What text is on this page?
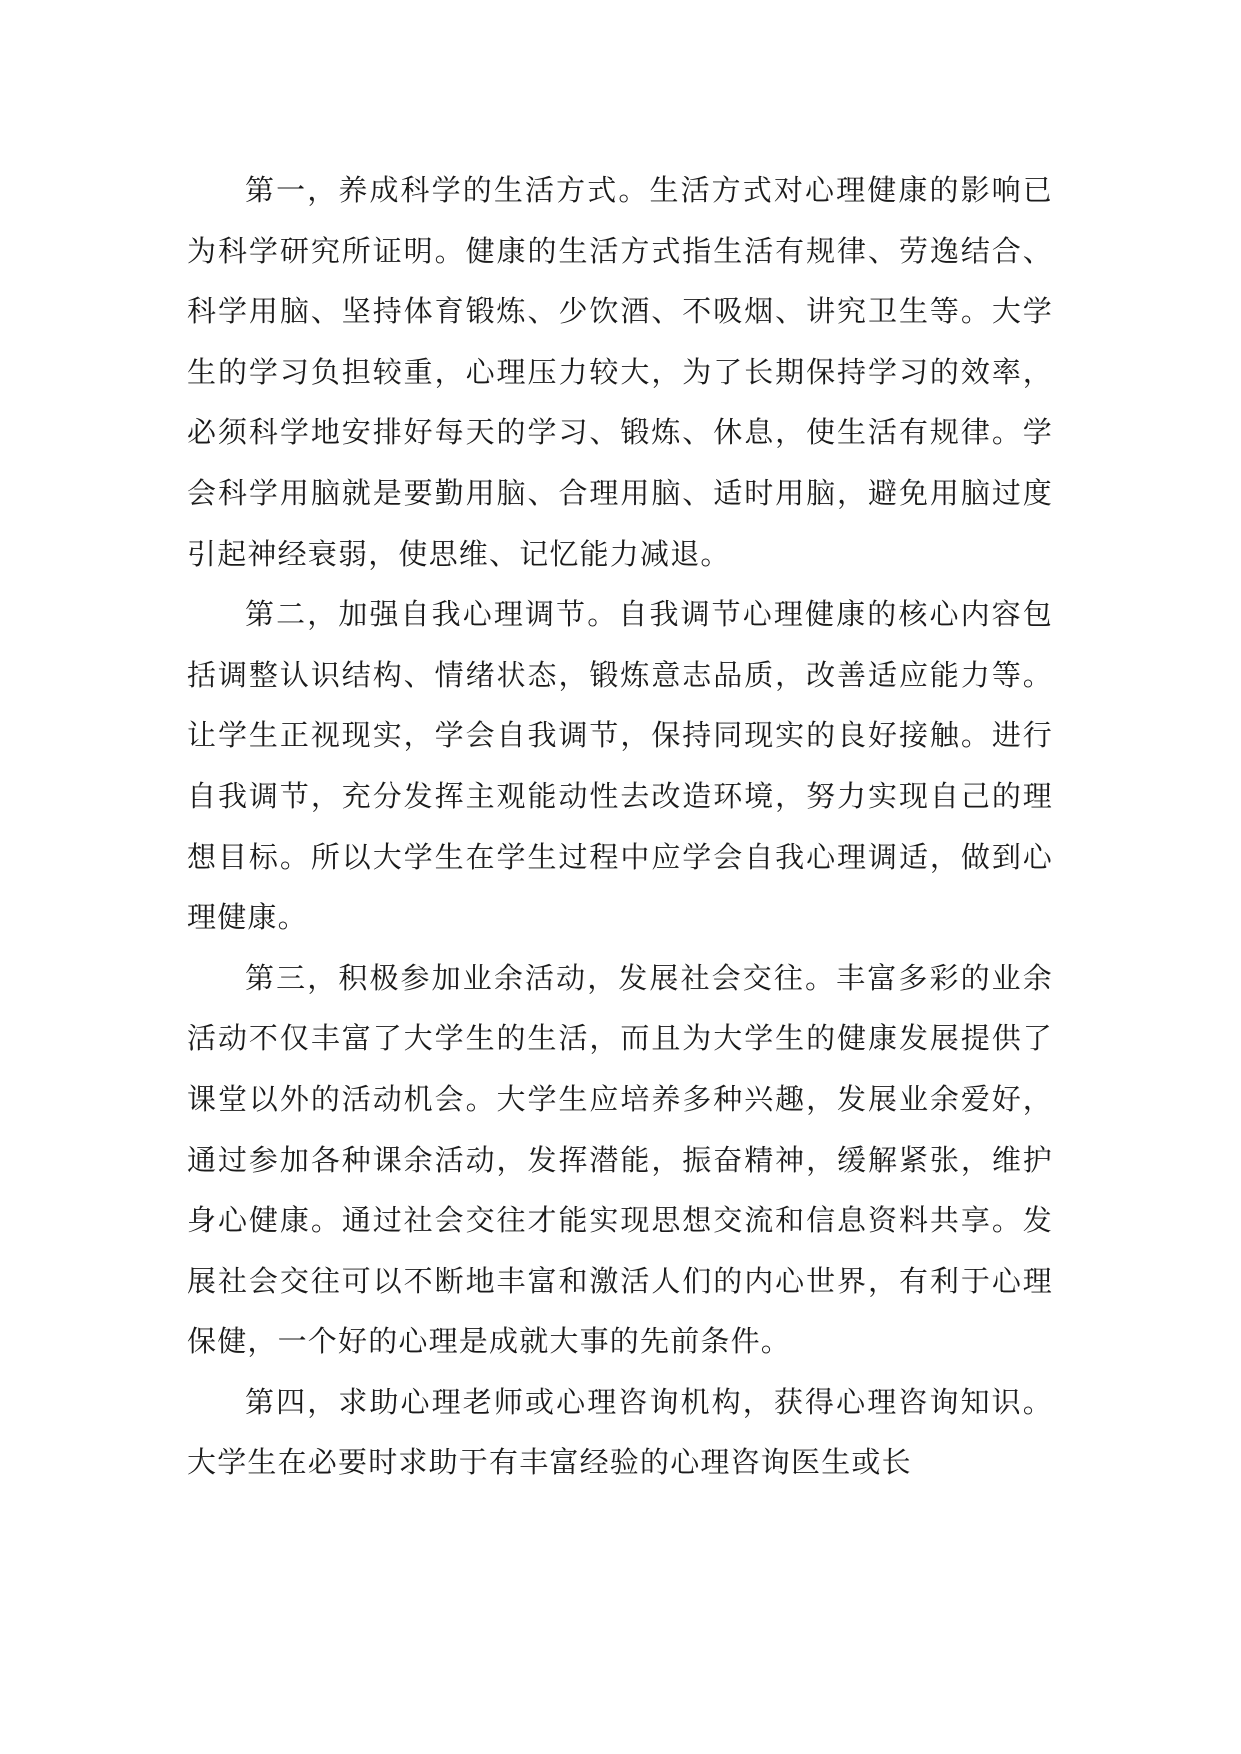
第一，养成科学的生活方式。生活方式对心理健康的影响已为科学研究所证明。健康的生活方式指生活有规律、劳逸结合、科学用脑、坚持体育锻炼、少饮酒、不吸烟、讲究卫生等。大学生的学习负担较重，心理压力较大，为了长期保持学习的效率，必须科学地安排好每天的学习、锻炼、休息，使生活有规律。学会科学用脑就是要勤用脑、合理用脑、适时用脑，避免用脑过度引起神经衰弱，使思维、记忆能力减退。

第二，加强自我心理调节。自我调节心理健康的核心内容包括调整认识结构、情绪状态，锻炼意志品质，改善适应能力等。让学生正视现实，学会自我调节，保持同现实的良好接触。进行自我调节，充分发挥主观能动性去改造环境，努力实现自己的理想目标。所以大学生在学生过程中应学会自我心理调适，做到心理健康。

第三，积极参加业余活动，发展社会交往。丰富多彩的业余活动不仅丰富了大学生的生活，而且为大学生的健康发展提供了课堂以外的活动机会。大学生应培养多种兴趣，发展业余爱好，通过参加各种课余活动，发挥潜能，振奋精神，缓解紧张，维护身心健康。通过社会交往才能实现思想交流和信息资料共享。发展社会交往可以不断地丰富和激活人们的内心世界，有利于心理保健，一个好的心理是成就大事的先前条件。

第四，求助心理老师或心理咨询机构，获得心理咨询知识。大学生在必要时求助于有丰富经验的心理咨询医生或长
